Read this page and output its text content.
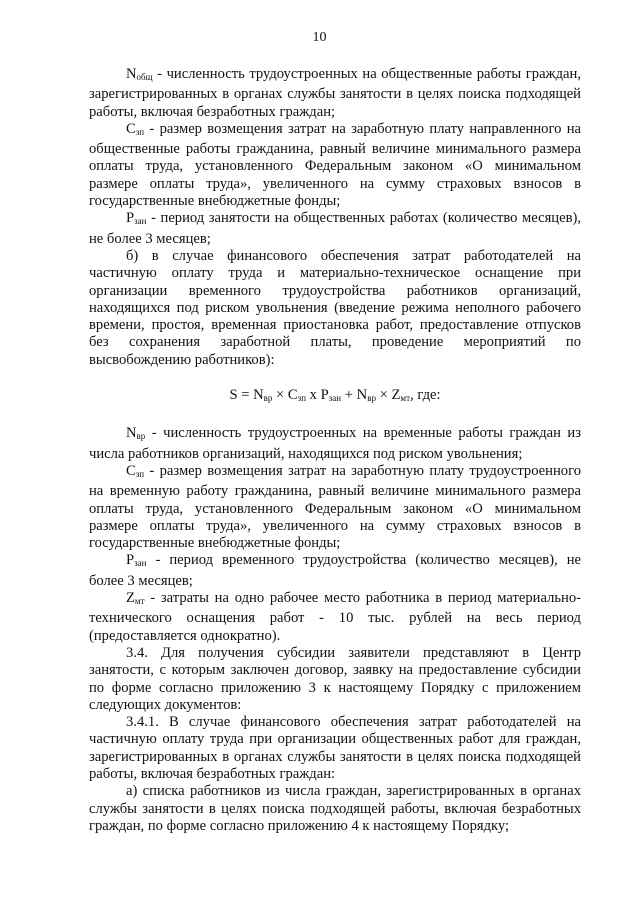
10

$N_{общ}$ - численность трудоустроенных на общественные работы граждан, зарегистрированных в органах службы занятости в целях поиска подходящей работы, включая безработных граждан;

$С_{зп}$ - размер возмещения затрат на заработную плату направленного на общественные работы гражданина, равный величине минимального размера оплаты труда, установленного Федеральным законом «О минимальном размере оплаты труда», увеличенного на сумму страховых взносов в государственные внебюджетные фонды;

$Р_{зан}$ - период занятости на общественных работах (количество месяцев), не более 3 месяцев;

б) в случае финансового обеспечения затрат работодателей на частичную оплату труда и материально-техническое оснащение при организации временного трудоустройства работников организаций, находящихся под риском увольнения (введение режима неполного рабочего времени, простоя, временная приостановка работ, предоставление отпусков без сохранения заработной платы, проведение мероприятий по высвобождению работников):

$S = N_{вр} \times С_{зп}$ x $Р_{зан} + N_{вр} \times Z_{мт}$, где:

$N_{вр}$ - численность трудоустроенных на временные работы граждан из числа работников организаций, находящихся под риском увольнения;

$С_{зп}$ - размер возмещения затрат на заработную плату трудоустроенного на временную работу гражданина, равный величине минимального размера оплаты труда, установленного Федеральным законом «О минимальном размере оплаты труда», увеличенного на сумму страховых взносов в государственные внебюджетные фонды;

$Р_{зан}$ - период временного трудоустройства (количество месяцев), не более 3 месяцев;

$Z_{мт}$ - затраты на одно рабочее место работника в период материально-технического оснащения работ - 10 тыс. рублей на весь период (предоставляется однократно).

3.4. Для получения субсидии заявители представляют в Центр занятости, с которым заключен договор, заявку на предоставление субсидии по форме согласно приложению 3 к настоящему Порядку с приложением следующих документов:

3.4.1. В случае финансового обеспечения затрат работодателей на частичную оплату труда при организации общественных работ для граждан, зарегистрированных в органах службы занятости в целях поиска подходящей работы, включая безработных граждан:

а) списка работников из числа граждан, зарегистрированных в органах службы занятости в целях поиска подходящей работы, включая безработных граждан, по форме согласно приложению 4 к настоящему Порядку;
